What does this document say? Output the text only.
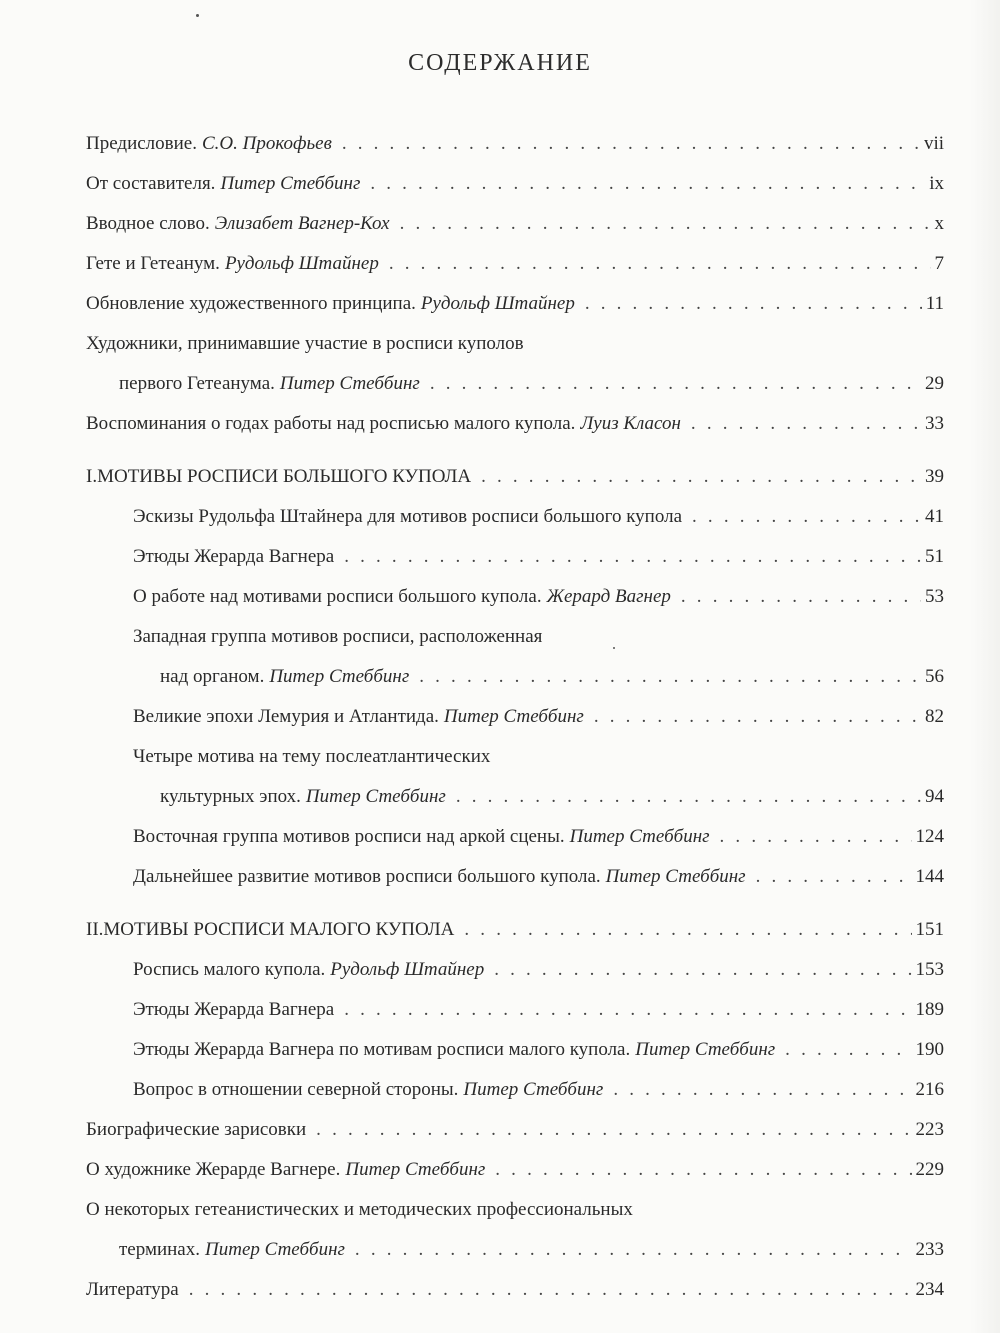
СОДЕРЖАНИЕ
Предисловие. С.О. Прокофьев . . .	vii
От составителя. Питер Стеббинг . . .	ix
Вводное слово. Элизабет Вагнер-Кох . . .	x
Гете и Гетеанум. Рудольф Штайнер . . .	7
Обновление художественного принципа. Рудольф Штайнер . . .	11
Художники, принимавшие участие в росписи куполов
первого Гетеанума. Питер Стеббинг . . .	29
Воспоминания о годах работы над росписью малого купола. Луиз Класон . . .	33
I. МОТИВЫ РОСПИСИ БОЛЬШОГО КУПОЛА . . .	39
Эскизы Рудольфа Штайнера для мотивов росписи большого купола . . .	41
Этюды Жерарда Вагнера . . .	51
О работе над мотивами росписи большого купола. Жерард Вагнер . . .	53
Западная группа мотивов росписи, расположенная
над органом. Питер Стеббинг . . .	56
Великие эпохи Лемурия и Атлантида. Питер Стеббинг . . .	82
Четыре мотива на тему послеатлантических
культурных эпох. Питер Стеббинг . . .	94
Восточная группа мотивов росписи над аркой сцены. Питер Стеббинг . . .	124
Дальнейшее развитие мотивов росписи большого купола. Питер Стеббинг . . .	144
II. МОТИВЫ РОСПИСИ МАЛОГО КУПОЛА . . .	151
Роспись малого купола. Рудольф Штайнер . . .	153
Этюды Жерарда Вагнера . . .	189
Этюды Жерарда Вагнера по мотивам росписи малого купола. Питер Стеббинг . . .	190
Вопрос в отношении северной стороны. Питер Стеббинг . . .	216
Биографические зарисовки . . .	223
О художнике Жерарде Вагнере. Питер Стеббинг . . .	229
О некоторых гетеанистических и методических профессиональных
терминах. Питер Стеббинг . . .	233
Литература . . .	234
